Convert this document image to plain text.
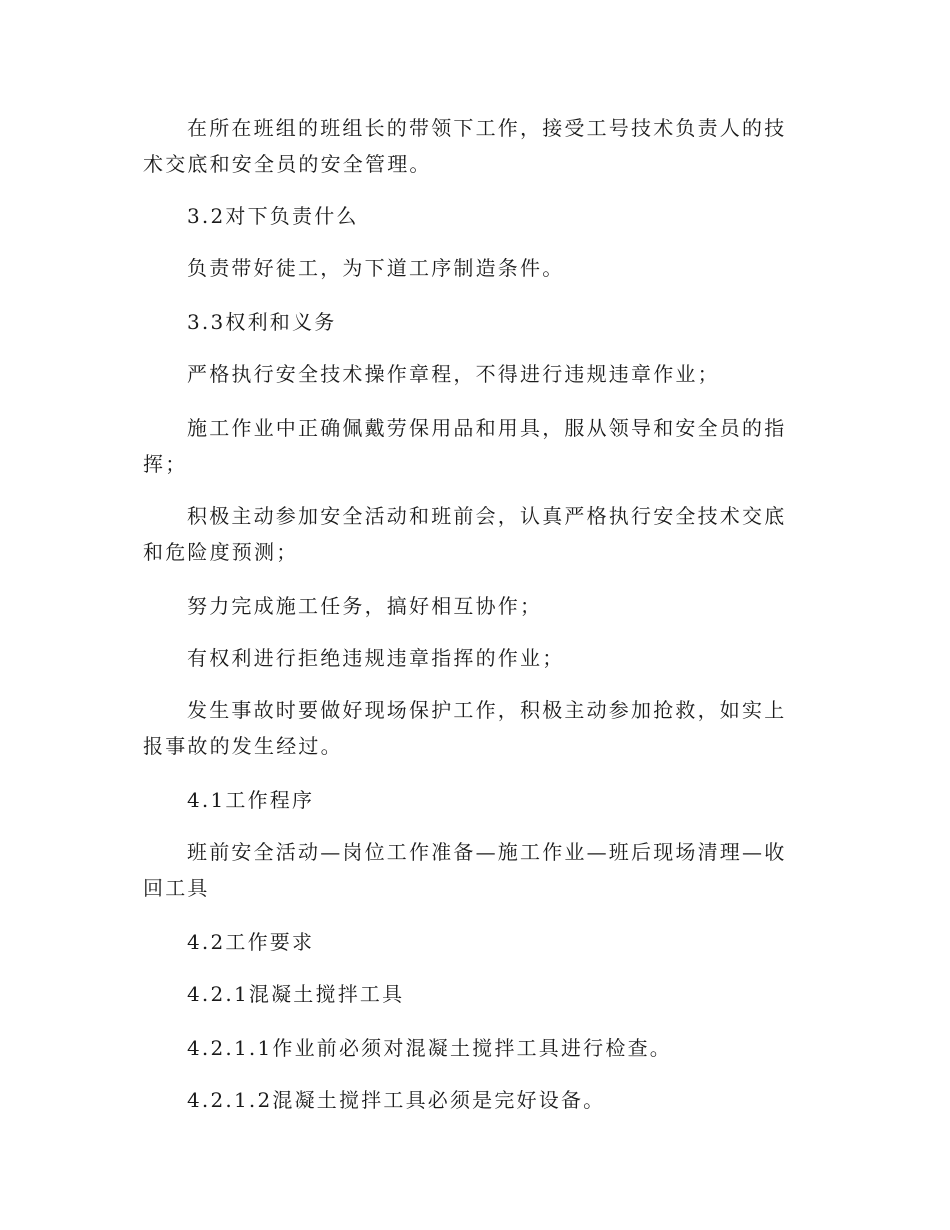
在所在班组的班组长的带领下工作，接受工号技术负责人的技术交底和安全员的安全管理。

3.2对下负责什么

负责带好徒工，为下道工序制造条件。

3.3权利和义务

严格执行安全技术操作章程，不得进行违规违章作业；

施工作业中正确佩戴劳保用品和用具，服从领导和安全员的指挥；

积极主动参加安全活动和班前会，认真严格执行安全技术交底和危险度预测；

努力完成施工任务，搞好相互协作；

有权利进行拒绝违规违章指挥的作业；

发生事故时要做好现场保护工作，积极主动参加抢救，如实上报事故的发生经过。

4.1工作程序

班前安全活动—岗位工作准备—施工作业—班后现场清理—收回工具

4.2工作要求

4.2.1混凝土搅拌工具

4.2.1.1作业前必须对混凝土搅拌工具进行检查。

4.2.1.2混凝土搅拌工具必须是完好设备。
